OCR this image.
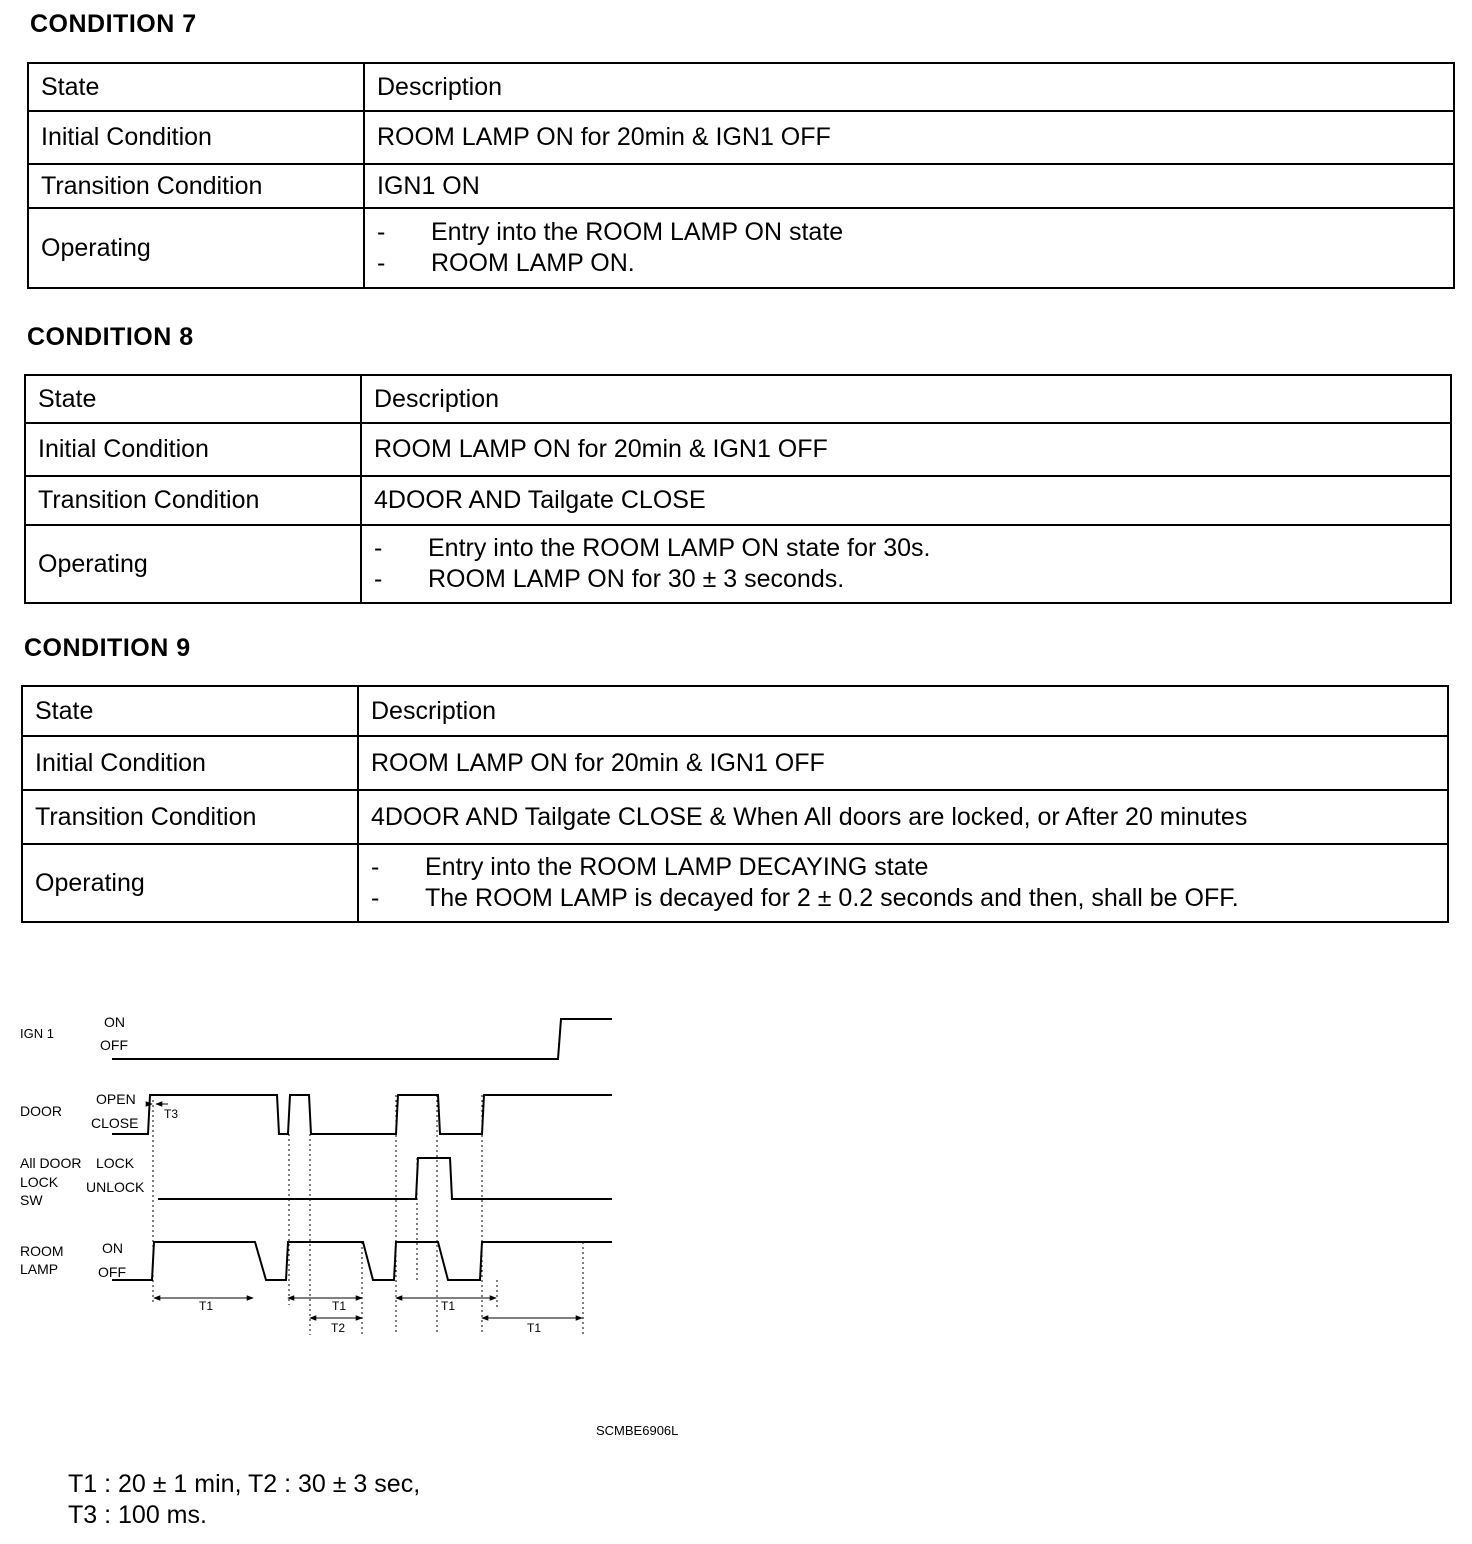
CONDITION 7
State	Description
Initial Condition	ROOM LAMP ON for 20min & IGN1 OFF
Transition Condition	IGN1 ON
Operating	- Entry into the ROOM LAMP ON state
- ROOM LAMP ON.
CONDITION 8
State	Description
Initial Condition	ROOM LAMP ON for 20min & IGN1 OFF
Transition Condition	4DOOR AND Tailgate CLOSE
Operating	- Entry into the ROOM LAMP ON state for 30s.
- ROOM LAMP ON for 30 ± 3 seconds.
CONDITION 9
State	Description
Initial Condition	ROOM LAMP ON for 20min & IGN1 OFF
Transition Condition	4DOOR AND Tailgate CLOSE & When All doors are locked, or After 20 minutes
Operating	- Entry into the ROOM LAMP DECAYING state
- The ROOM LAMP is decayed for 2 ± 0.2 seconds and then, shall be OFF.
IGN 1
ON
OFF
DOOR
OPEN
CLOSE
T3
All DOOR
LOCK
SW
LOCK
UNLOCK
ROOM
LAMP
ON
OFF
T1	T1
T2
T1
T1
SCMBE6906L
T1 : 20 ± 1 min, T2 : 30 ± 3 sec,
T3 : 100 ms.
